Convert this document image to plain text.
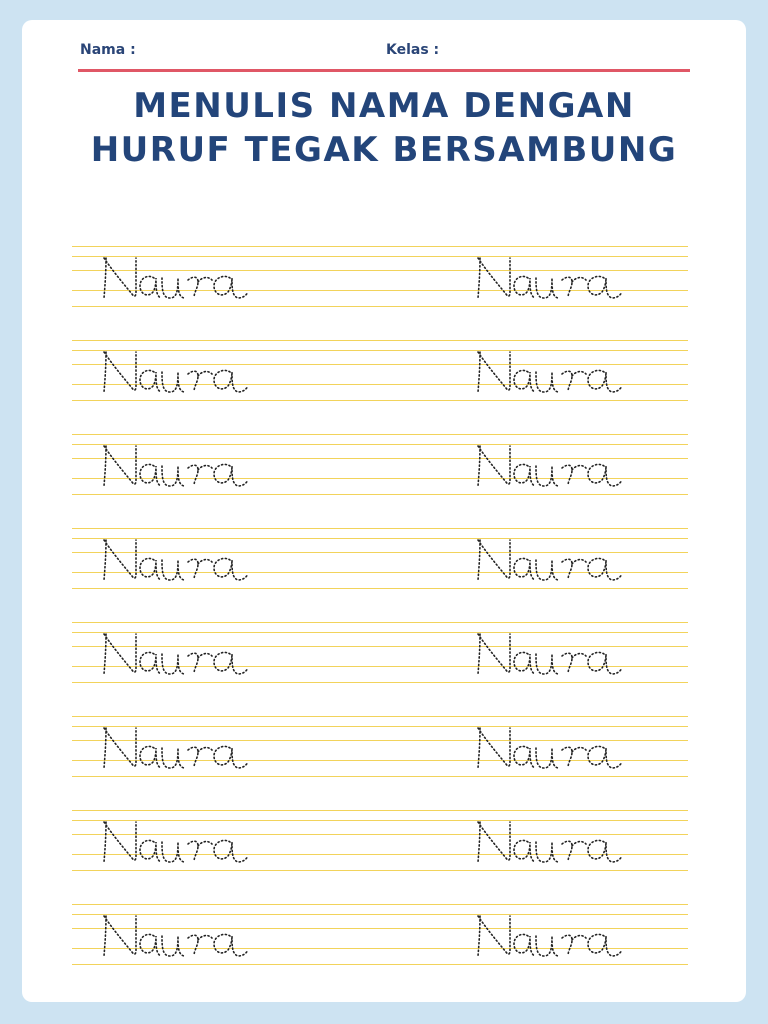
Nama :	Kelas :
MENULIS NAMA DENGAN
HURUF TEGAK BERSAMBUNG
